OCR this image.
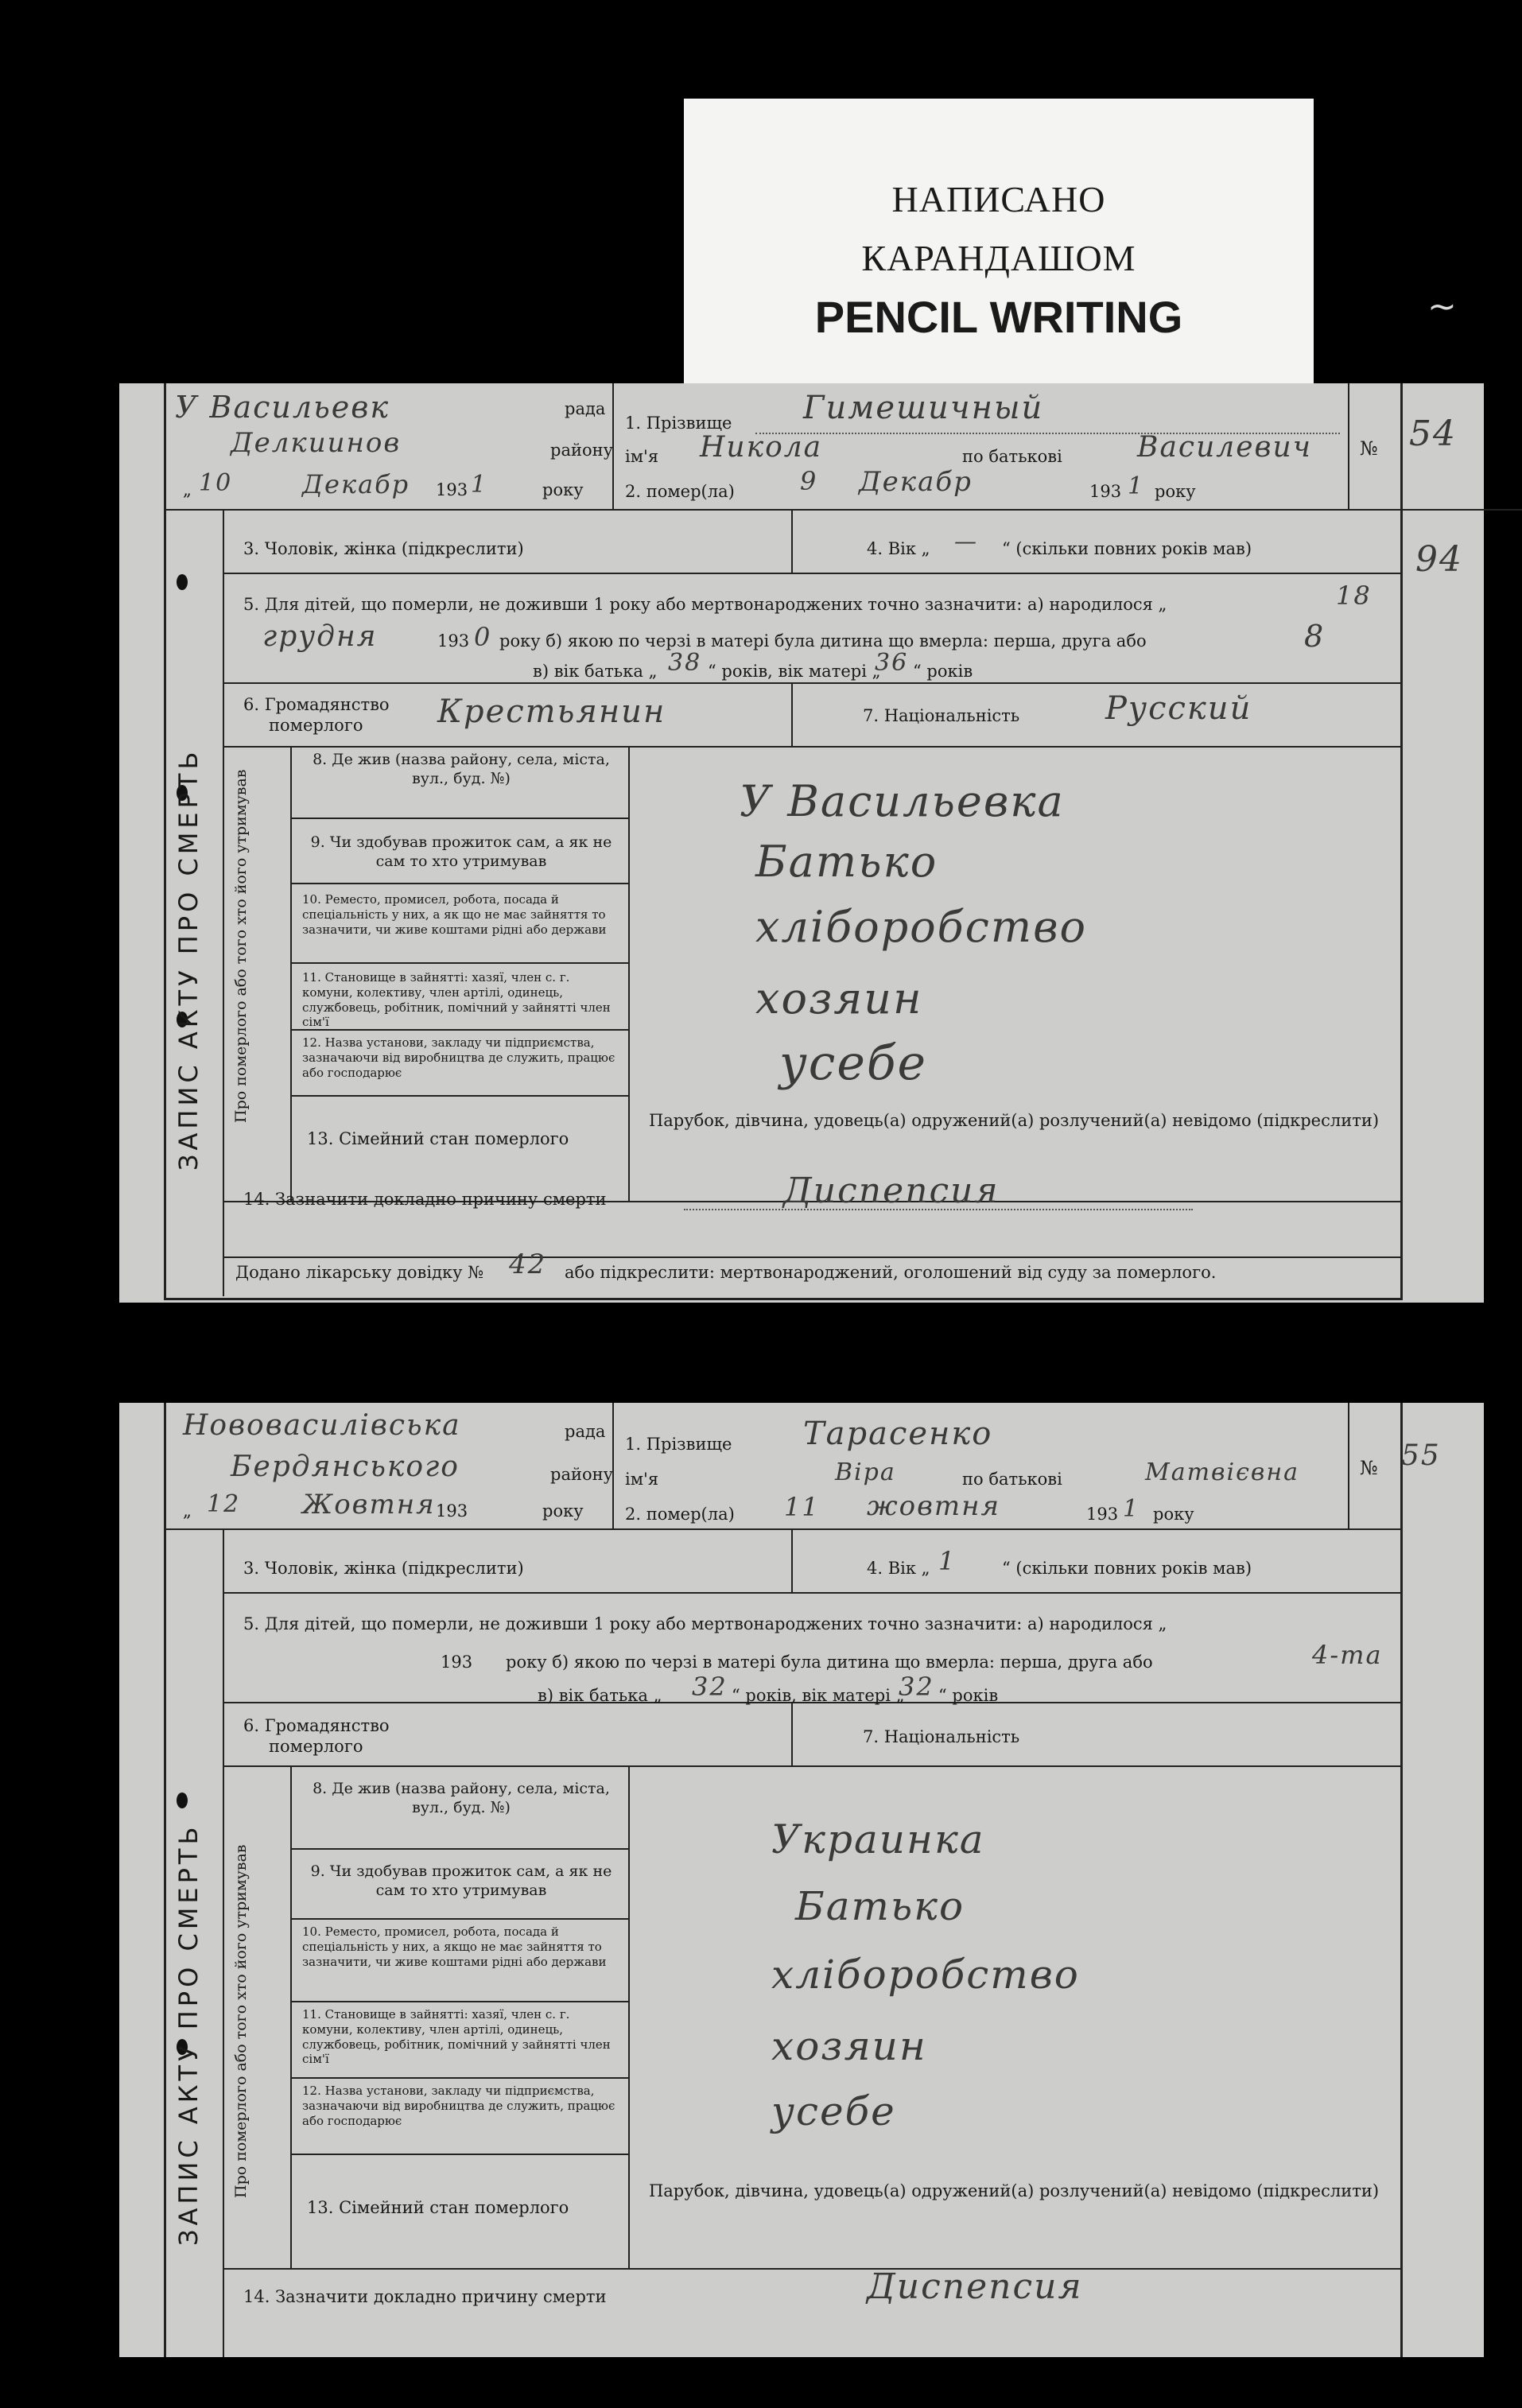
НАПИСАНО
КАРАНДАШОМ
PENCIL WRITING	~
У Васильевк	рада
Делкиинов	району
„ 10	Декабр 193 1	року
1. Прізвище Гимешичный
ім'я Никола	по батькові	Василевич
2. помер(ла)	9 Декабр	193 1 року
№ 54
94
3. Чоловік, жінка (підкреслити)	4. Вік „ — “ (скільки повних років мав)
5. Для дітей, що померли, не доживши 1 року або мертвонароджених точно зазначити: а) народилося „	18
грудня	193 0 року б) якою по черзі в матері була дитина що вмерла: перша, друга або	8
в) вік батька „ 38 “ років, вік матері „
36 “ років
6. Громадянство
померлого Крестьянин	7. Національність	Русский
ЗАПИС АКТУ ПРО СМЕРТЬ Про померлого або того хто його утримував
8. Де жив (назва району, села, міста, вул., буд. №)	У Васильевка
9. Чи здобував прожиток сам, а як не сам то хто утримував	Батько
10. Реместо, промисел, робота, посада й спеціальність у них, а як що не має зайняття то зазначити, чи живе коштами рідні або держави	хліборобство
11. Становище в зайнятті: хазяї, член с. г. комуни, колективу, член артілі, одинець, службовець, робітник, помічний у зайнятті член сім'ї	хозяин
12. Назва установи, закладу чи підприємства, зазначаючи від виробництва де служить, працює або господарює	усебе
13. Сімейний стан померлого
Парубок, дівчина, удовець(а) одружений(а) розлучений(а) невідомо (підкреслити)
14. Зазначити докладно причину смерти	Диспепсия
Додано лікарську довідку № 42 або підкреслити: мертвонароджений, оголошений від суду за померлого.
Нововасилівська	рада
Бердянського	району
„ 12 Жовтня 193	року
1. Прізвище Тарасенко
ім'я	Віра	по батькові	Матвієвна
2. помер(ла) 11 жовтня	193 1 року
№ 55
3. Чоловік, жінка (підкреслити)	4. Вік „ 1	“ (скільки повних років мав)
5. Для дітей, що померли, не доживши 1 року або мертвонароджених точно зазначити: а) народилося „
193 року б) якою по черзі в матері була дитина що вмерла: перша, друга або	4-та
в) вік батька „ 32 “ років, вік матері „
32 “ років
6. Громадянство
померлого	7. Національність
ЗАПИС АКТУ ПРО СМЕРТЬ Про померлого або того хто його утримував
8. Де жив (назва району, села, міста, вул., буд. №)
Украинка
9. Чи здобував прожиток сам, а як не сам то хто утримував	Батько
10. Реместо, промисел, робота, посада й спеціальність у них, а якщо не має зайняття то зазначити, чи живе коштами рідні або держави	хліборобство
11. Становище в зайнятті: хазяї, член с. г. комуни, колективу, член артілі, одинець, службовець, робітник, помічний у зайнятті член сім'ї	хозяин
12. Назва установи, закладу чи підприємства, зазначаючи від виробництва де служить, працює або господарює	усебе
13. Сімейний стан померлого
Парубок, дівчина, удовець(а) одружений(а) розлучений(а) невідомо (підкреслити)
14. Зазначити докладно причину смерти	Диспепсия
